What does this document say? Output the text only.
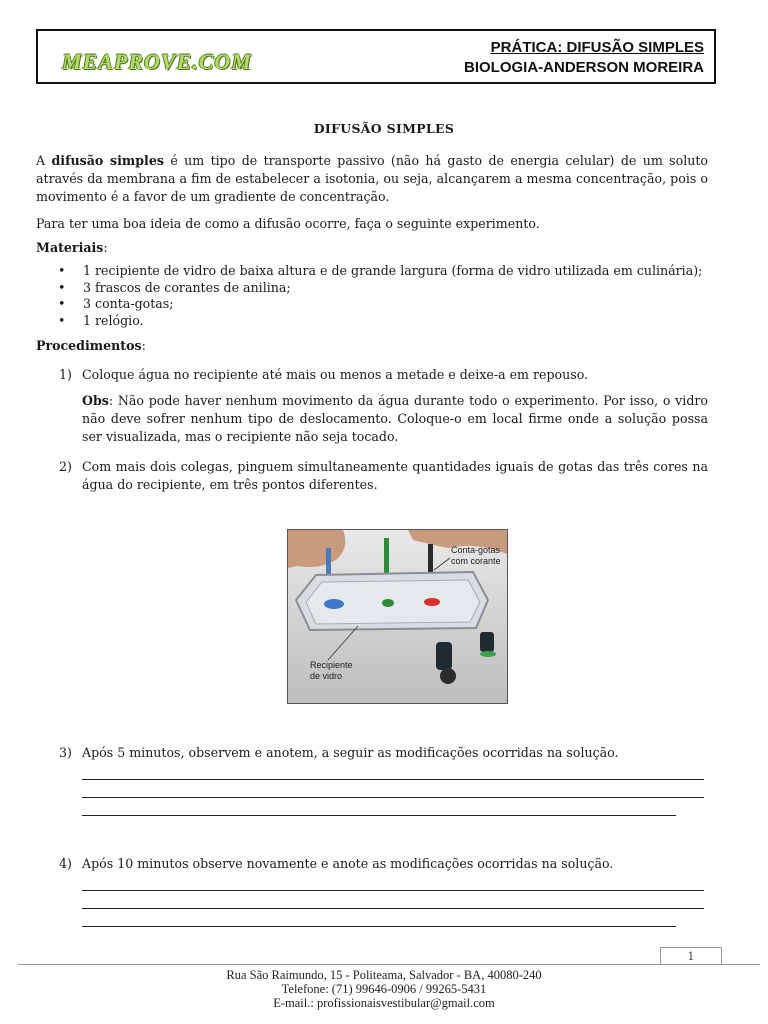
MEAPROVE.COM
PRÁTICA: DIFUSÃO SIMPLES
BIOLOGIA-ANDERSON MOREIRA
DIFUSÃO SIMPLES

A difusão simples é um tipo de transporte passivo (não há gasto de energia celular) de um soluto através da membrana a fim de estabelecer a isotonia, ou seja, alcançarem a mesma concentração, pois o movimento é a favor de um gradiente de concentração.

Para ter uma boa ideia de como a difusão ocorre, faça o seguinte experimento.

Materiais:

• 1 recipiente de vidro de baixa altura e de grande largura (forma de vidro utilizada em culinária);
• 3 frascos de corantes de anilina;
• 3 conta-gotas;
• 1 relógio.

Procedimentos:

1) Coloque água no recipiente até mais ou menos a metade e deixe-a em repouso.

Obs: Não pode haver nenhum movimento da água durante todo o experimento. Por isso, o vidro não deve sofrer nenhum tipo de deslocamento. Coloque-o em local firme onde a solução possa ser visualizada, mas o recipiente não seja tocado.

2) Com mais dois colegas, pinguem simultaneamente quantidades iguais de gotas das três cores na água do recipiente, em três pontos diferentes.
Conta-gotas
com corante
Recipiente
de vidro
3) Após 5 minutos, observem e anotem, a seguir as modificações ocorridas na solução.
4) Após 10 minutos observe novamente e anote as modificações ocorridas na solução.
1
Rua São Raimundo, 15 - Politeama, Salvador - BA, 40080-240
Telefone: (71) 99646-0906 / 99265-5431
E-mail.: profissionaisvestibular@gmail.com
